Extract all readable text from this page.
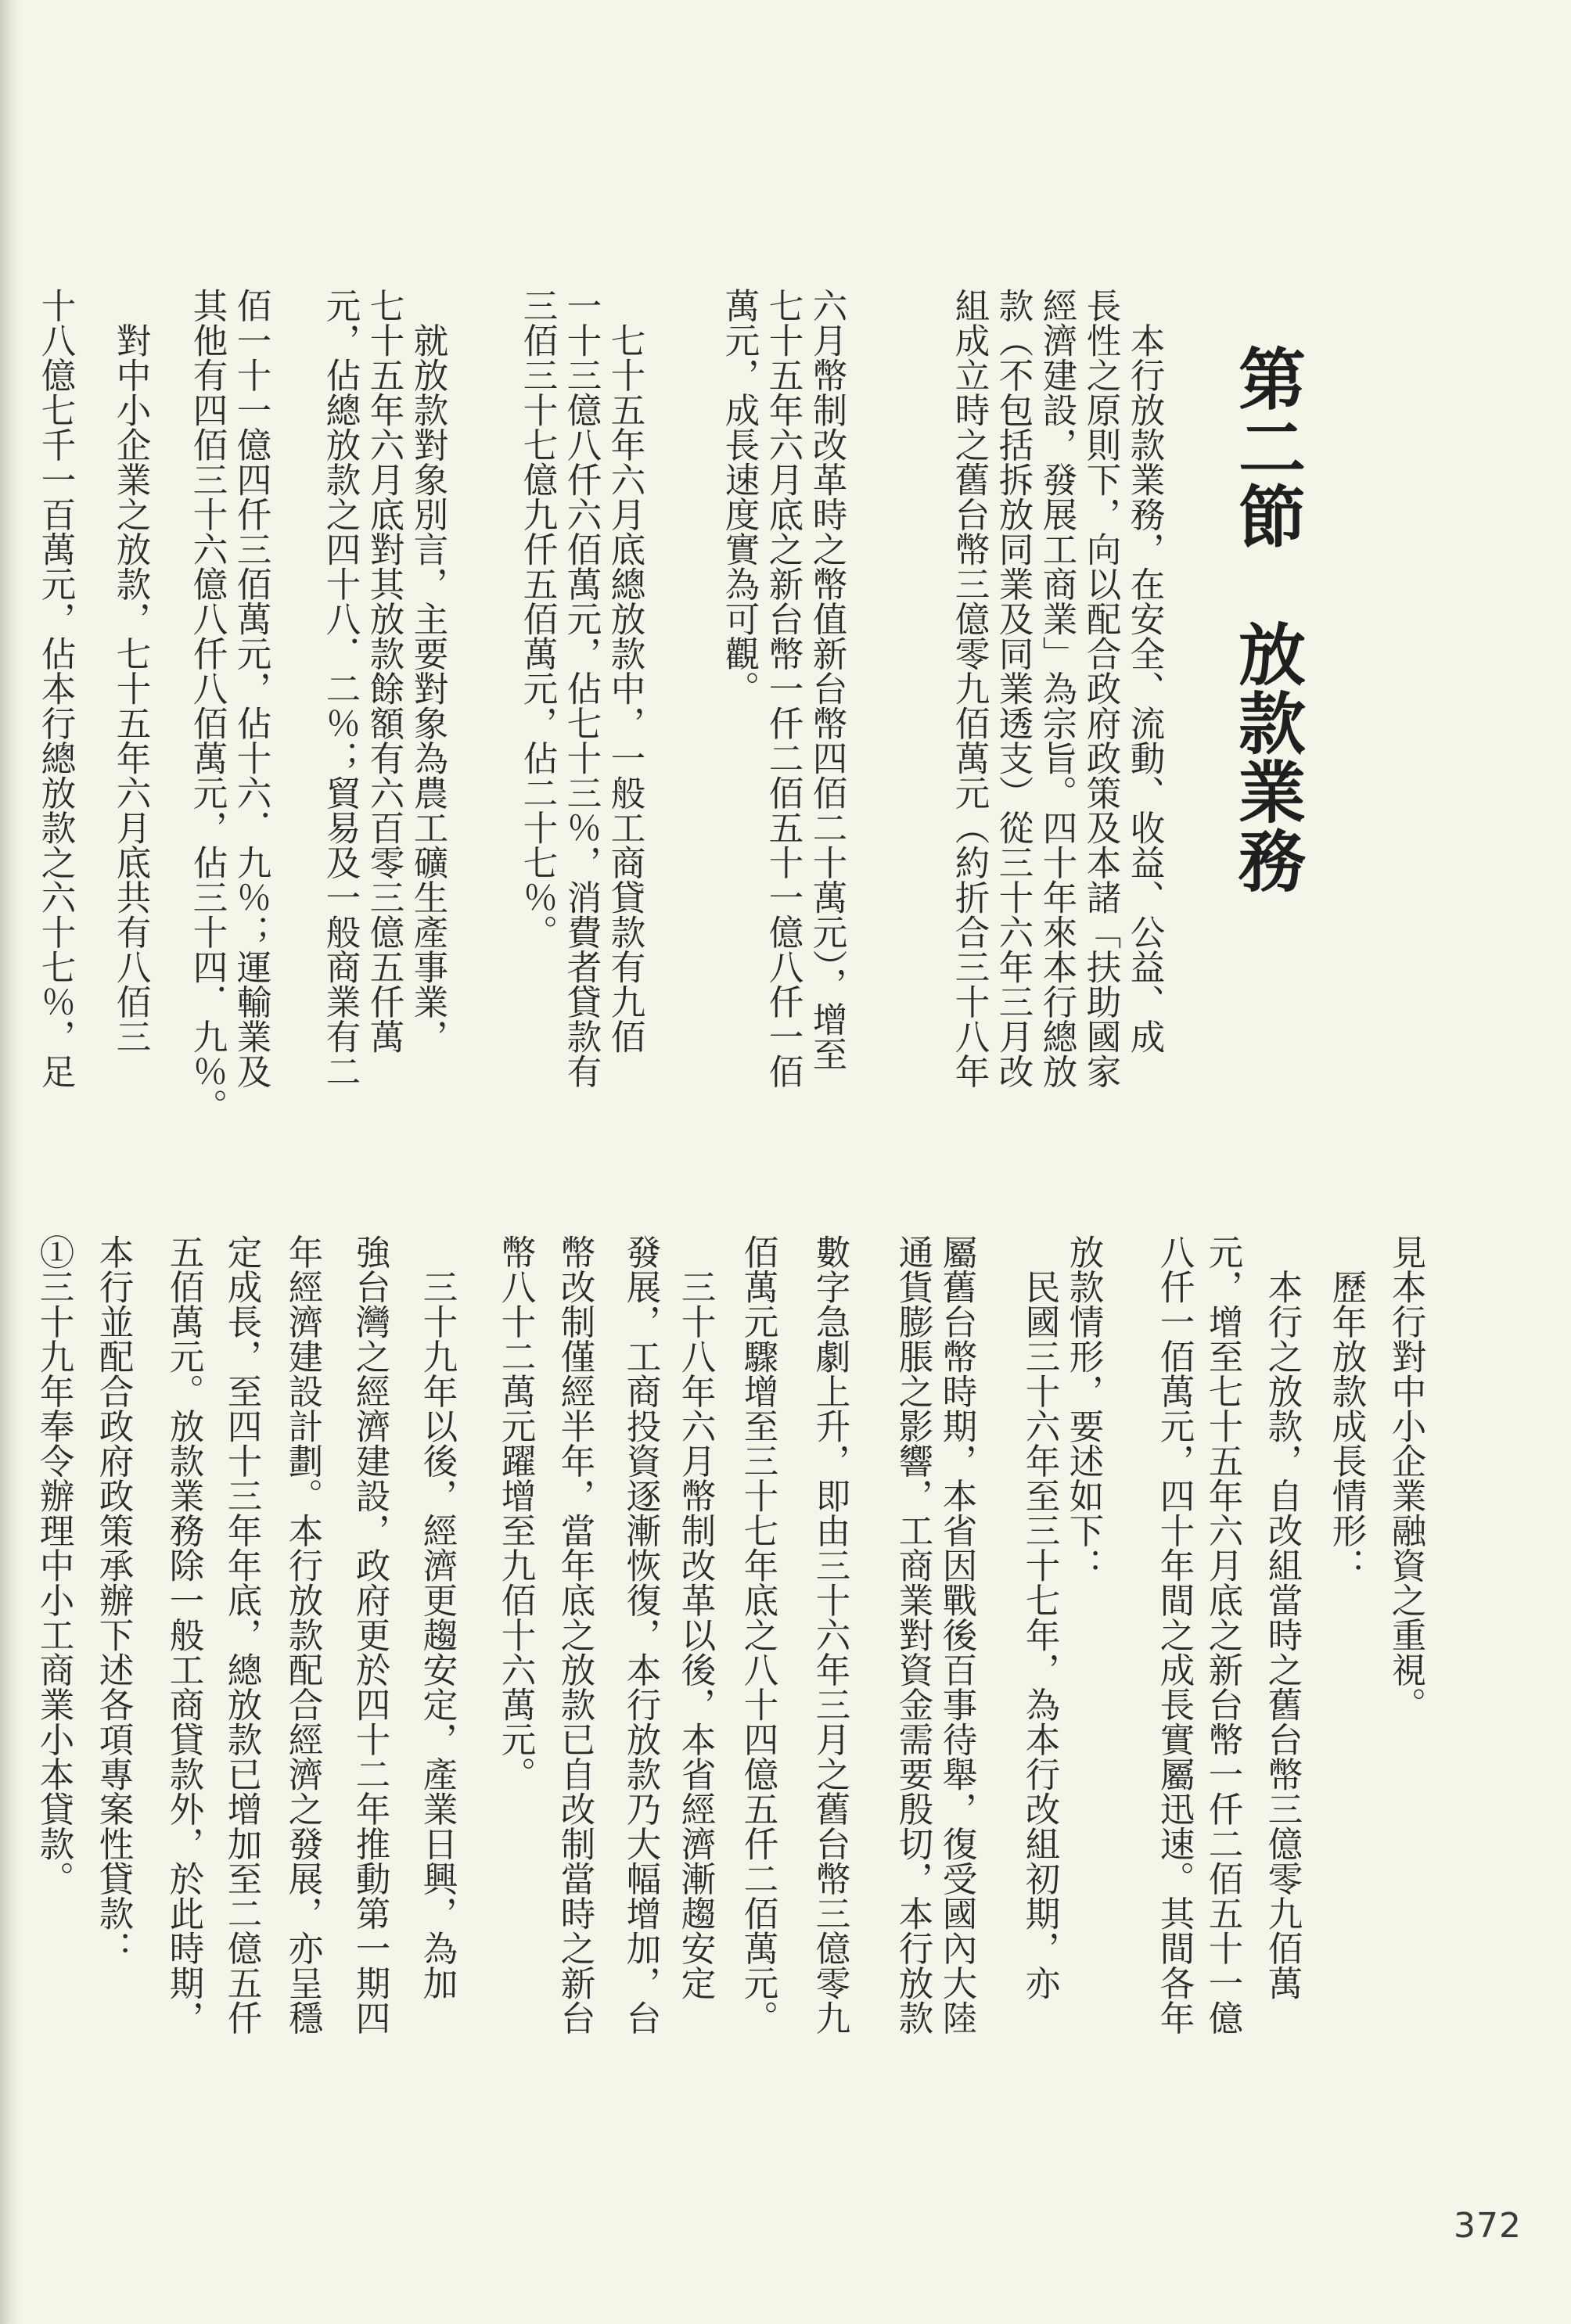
第二節放款業務
　本行放款業務，在安全、流動、收益、公益、成
長性之原則下，向以配合政府政策及本諸「扶助國家
經濟建設，發展工商業」為宗旨。四十年來本行總放
款（不包括拆放同業及同業透支）從三十六年三月改
組成立時之舊台幣三億零九佰萬元（約折合三十八年
六月幣制改革時之幣值新台幣四佰二十萬元），增至
七十五年六月底之新台幣一仟二佰五十一億八仟一佰
萬元，成長速度實為可觀。
　七十五年六月底總放款中，一般工商貸款有九佰
一十三億八仟六佰萬元，佔七十三％，消費者貸款有
三佰三十七億九仟五佰萬元，佔二十七％。
　就放款對象別言，主要對象為農工礦生產事業，
七十五年六月底對其放款餘額有六百零三億五仟萬
元，佔總放款之四十八．二％；貿易及一般商業有二
佰一十一億四仟三佰萬元，佔十六．九％；運輸業及
其他有四佰三十六億八仟八佰萬元，佔三十四．九％。
　對中小企業之放款，七十五年六月底共有八佰三
十八億七千一百萬元，佔本行總放款之六十七％，足
見本行對中小企業融資之重視。
　歷年放款成長情形：
　本行之放款，自改組當時之舊台幣三億零九佰萬
元，增至七十五年六月底之新台幣一仟二佰五十一億
八仟一佰萬元，四十年間之成長實屬迅速。其間各年
放款情形，要述如下：
　民國三十六年至三十七年，為本行改組初期，亦
屬舊台幣時期，本省因戰後百事待舉，復受國內大陸
通貨膨脹之影響，工商業對資金需要殷切，本行放款
數字急劇上升，即由三十六年三月之舊台幣三億零九
佰萬元驟增至三十七年底之八十四億五仟二佰萬元。
　三十八年六月幣制改革以後，本省經濟漸趨安定
發展，工商投資逐漸恢復，本行放款乃大幅增加，台
幣改制僅經半年，當年底之放款已自改制當時之新台
幣八十二萬元躍增至九佰十六萬元。
　三十九年以後，經濟更趨安定，產業日興，為加
強台灣之經濟建設，政府更於四十二年推動第一期四
年經濟建設計劃。本行放款配合經濟之發展，亦呈穩
定成長，至四十三年年底，總放款已增加至二億五仟
五佰萬元。放款業務除一般工商貸款外，於此時期，
本行並配合政府政策承辦下述各項專案性貸款：
①三十九年奉令辦理中小工商業小本貸款。
372
